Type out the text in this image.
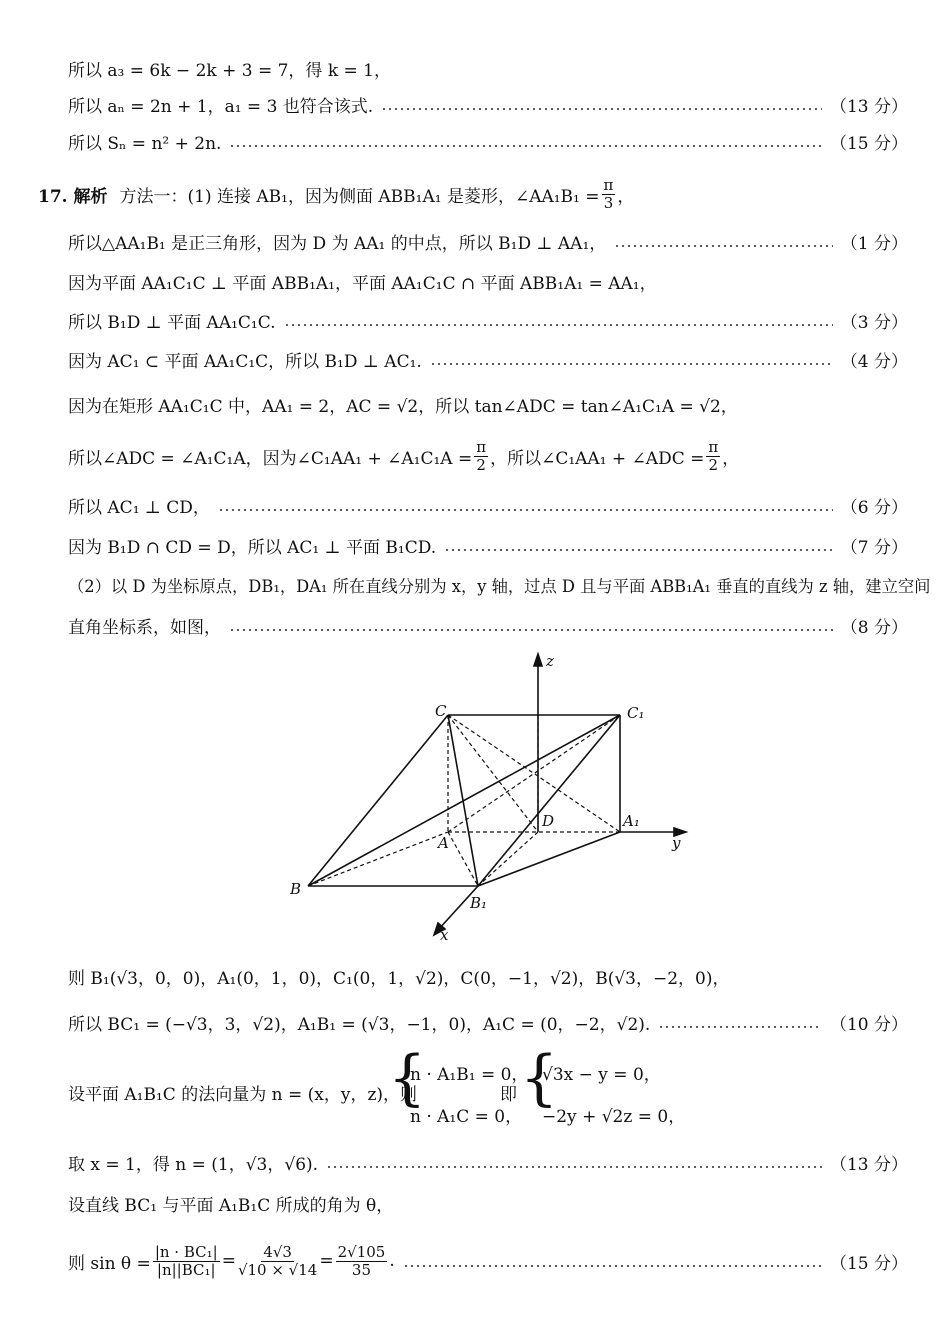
所以 a₃ = 6k − 2k + 3 = 7，得 k = 1，
所以 aₙ = 2n + 1，a₁ = 3 也符合该式.	（13 分）
所以 Sₙ = n² + 2n.	（15 分）
17. 解析 方法一：(1) 连接 AB₁，因为侧面 ABB₁A₁ 是菱形，∠AA₁B₁ = $\frac{\pi}{3}$ ，
所以△AA₁B₁ 是正三角形，因为 D 为 AA₁ 的中点，所以 B₁D ⊥ AA₁，	（1 分）
因为平面 AA₁C₁C ⊥ 平面 ABB₁A₁，平面 AA₁C₁C ∩ 平面 ABB₁A₁ = AA₁，
所以 B₁D ⊥ 平面 AA₁C₁C.	（3 分）
因为 AC₁ ⊂ 平面 AA₁C₁C，所以 B₁D ⊥ AC₁.	（4 分）
因为在矩形 AA₁C₁C 中，AA₁ = 2，AC = √2，所以 tan∠ADC = tan∠A₁C₁A = √2，
所以∠ADC = ∠A₁C₁A，因为∠C₁AA₁ + ∠A₁C₁A = $\frac{\pi}{2}$ ，所以∠C₁AA₁ + ∠ADC = $\frac{\pi}{2}$ ，
所以 AC₁ ⊥ CD，	（6 分）
因为 B₁D ∩ CD = D，所以 AC₁ ⊥ 平面 B₁CD.	（7 分）
（2）以 D 为坐标原点，DB₁，DA₁ 所在直线分别为 x，y 轴，过点 D 且与平面 ABB₁A₁ 垂直的直线为 z 轴，建立空间
直角坐标系，如图，	（8 分）
C	C₁
z
D	A₁
A	y
B
B₁
x
则 B₁(√3，0，0)，A₁(0，1，0)，C₁(0，1，√2)，C(0，−1，√2)，B(√3，−2，0)，
所以 BC₁ = (−√3，3，√2)，A₁B₁ = (√3，−1，0)，A₁C = (0，−2，√2).	（10 分）
设平面 A₁B₁C 的法向量为 n = (x，y，z)，则
{
n · A₁B₁ = 0，
n · A₁C = 0，
即 {
√3x − y = 0，
−2y + √2z = 0，
取 x = 1，得 n = (1，√3，√6).	（13 分）
设直线 BC₁ 与平面 A₁B₁C 所成的角为 θ，
则 $\sin \theta = \frac{\text{|n · BC₁|}}{\text{|n||BC₁|}} = \frac{4√3}{√10 \times √14} = \frac{2√105}{35}$ .	（15 分）
